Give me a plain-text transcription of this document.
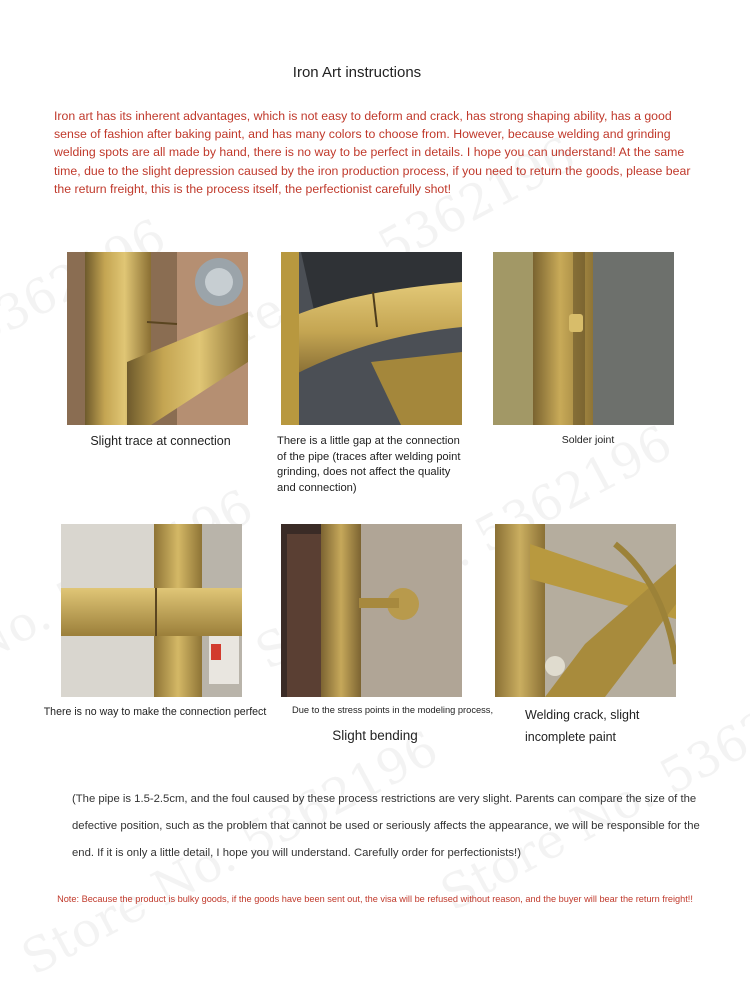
Iron Art instructions
Iron art has its inherent advantages, which is not easy to deform and crack, has strong shaping ability, has a good sense of fashion after baking paint, and has many colors to choose from. However, because welding and grinding welding spots are all made by hand, there is no way to be perfect in details. I hope you can understand! At the same time, due to the slight depression caused by the iron production process, if you need to return the goods, please bear the return freight, this is the process itself, the perfectionist carefully shot!
Slight trace at connection	There is a little gap at the connection of the pipe (traces after welding point grinding, does not affect the quality and connection)
Solder joint
There is no way to make the connection perfect	Due to the stress points in the modeling process,
Slight bending
Welding crack, slight incomplete paint
(The pipe is 1.5-2.5cm, and the foul caused by these process restrictions are very slight. Parents can compare the size of the defective position, such as the problem that cannot be used or seriously affects the appearance, we will be responsible for the end. If it is only a little detail, I hope you will understand. Carefully order for perfectionists!)
Note: Because the product is bulky goods, if the goods have been sent out, the visa will be refused without reason, and the buyer will bear the return freight!!
